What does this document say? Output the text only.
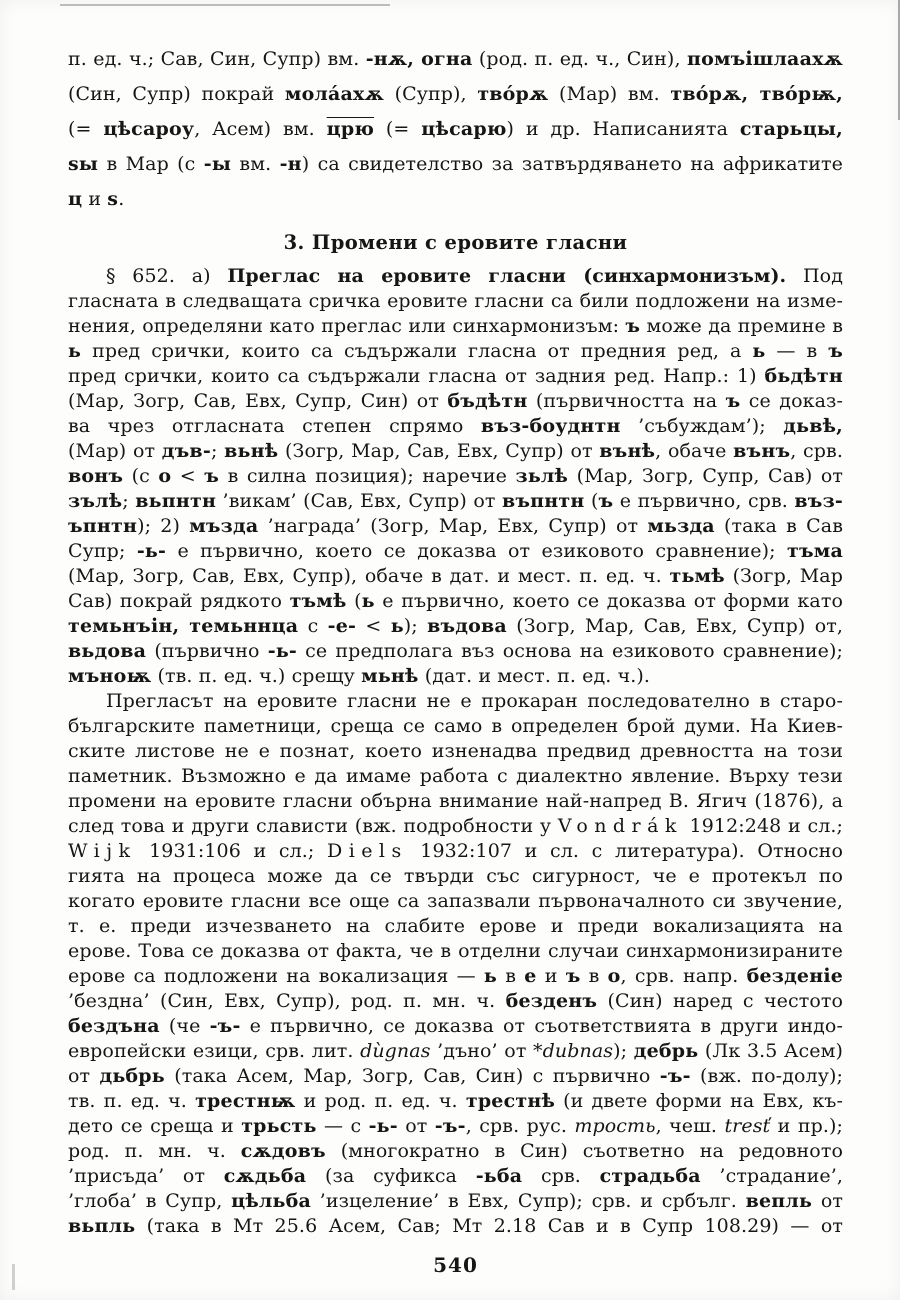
п. ед. ч.; Сав, Син, Супр) вм. -нѫ, огна (род. п. ед. ч., Син), помъішлаахѫ
(Син, Супр) покрай мола́ахѫ (Супр), тво́рѫ (Мар) вм. тво́рѫ, тво́рѭ,
(= цѣсароу, Асем) вм. црю (= цѣсарю) и др. Написанията старьцы,
ѕы в Мар (с -ы вм. -н) са свидетелство за затвърдяването на африкатите
ц и ѕ.
3. Промени с еровите гласни
§ 652. а) Преглас на еровите гласни (синхармонизъм). Под
гласната в следващата сричка еровите гласни са били подложени на изме-
нения, определяни като преглас или синхармонизъм: ъ може да премине в
ь пред срички, които са съдържали гласна от предния ред, а ь — в ъ
пред срички, които са съдържали гласна от задния ред. Напр.: 1) бьдѣтн
(Мар, Зогр, Сав, Евх, Супр, Син) от бъдѣтн (първичността на ъ се доказ-
ва чрез отгласната степен спрямо въз-боуднтн ’събуждам’); дьвѣ,
(Мар) от дъв-; вьнѣ (Зогр, Мар, Сав, Евх, Супр) от вънѣ, обаче вънъ, срв.
вонъ (с о < ъ в силна позиция); наречие зьлѣ (Мар, Зогр, Супр, Сав) от
зълѣ; вьпнтн ’викам’ (Сав, Евх, Супр) от въпнтн (ъ е първично, срв. въз-
ъпнтн); 2) мъзда ’награда’ (Зогр, Мар, Евх, Супр) от мьзда (така в Сав
Супр; -ь- е първично, което се доказва от езиковото сравнение); тъма
(Мар, Зогр, Сав, Евх, Супр), обаче в дат. и мест. п. ед. ч. тьмѣ (Зогр, Мар
Сав) покрай рядкото тъмѣ (ь е първично, което се доказва от форми като
темьнъін, темьннца с -е- < ь); въдова (Зогр, Мар, Сав, Евх, Супр) от,
вьдова (първично -ь- се предполага въз основа на езиковото сравнение);
мъноѭ (тв. п. ед. ч.) срещу мьнѣ (дат. и мест. п. ед. ч.).
Прегласът на еровите гласни не е прокаран последователно в старо-
българските паметници, среща се само в определен брой думи. На Киев-
ските листове не е познат, което изненадва предвид древността на този
паметник. Възможно е да имаме работа с диалектно явление. Върху тези
промени на еровите гласни обърна внимание най-напред В. Ягич (1876), а
след това и други слависти (вж. подробности у Vondrák 1912:248 и сл.;
Wijk 1931:106 и сл.; Diels 1932:107 и сл. с литература). Относно
гията на процеса може да се твърди със сигурност, че е протекъл по
когато еровите гласни все още са запазвали първоначалното си звучение,
т. е. преди изчезването на слабите ерове и преди вокализацията на
ерове. Това се доказва от факта, че в отделни случаи синхармонизираните
ерове са подложени на вокализация — ь в е и ъ в о, срв. напр. безденіе
’бездна’ (Син, Евх, Супр), род. п. мн. ч. безденъ (Син) наред с честото
бездъна (че -ъ- е първично, се доказва от съответствията в други индо-
европейски езици, срв. лит. dùgnas ’дъно’ от *dubnas); дебрь (Лк 3.5 Асем)
от дьбрь (така Асем, Мар, Зогр, Сав, Син) с първично -ъ- (вж. по-долу);
тв. п. ед. ч. трестнѭ и род. п. ед. ч. трестнѣ (и двете форми на Евх, къ-
дето се среща и трьсть — с -ь- от -ъ-, срв. рус. трость, чеш. tresť и пр.);
род. п. мн. ч. сѫдовъ (многократно в Син) съответно на редовното
’присъда’ от сѫдьба (за суфикса -ьба срв. страдьба ’страдание’,
’глоба’ в Супр, цѣльба ’изцеление’ в Евх, Супр); срв. и србълг. вепль от
вьпль (така в Мт 25.6 Асем, Сав; Мт 2.18 Сав и в Супр 108.29) — от
540
